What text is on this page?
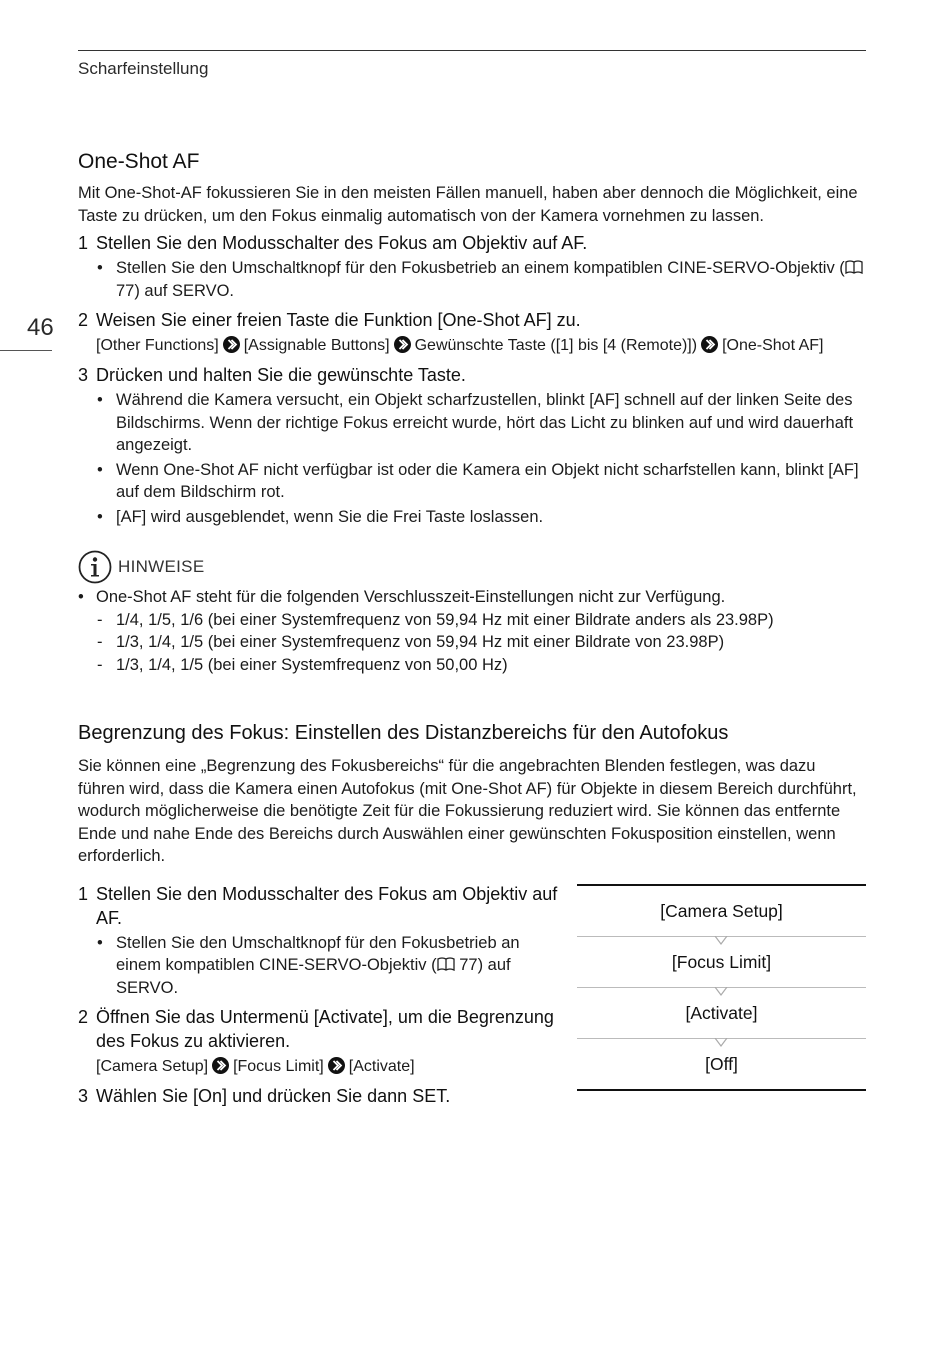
Scharfeinstellung
46
One-Shot AF

Mit One-Shot-AF fokussieren Sie in den meisten Fällen manuell, haben aber dennoch die Möglichkeit, eine Taste zu drücken, um den Fokus einmalig automatisch von der Kamera vornehmen zu lassen.

1 Stellen Sie den Modusschalter des Fokus am Objektiv auf AF.
• Stellen Sie den Umschaltknopf für den Fokusbetrieb an einem kompatiblen CINE-SERVO-Objektiv ( 77) auf SERVO.
2 Weisen Sie einer freien Taste die Funktion [One-Shot AF] zu.
[Other Functions] [Assignable Buttons] Gewünschte Taste ([1] bis [4 (Remote)]) [One-Shot AF]
3 Drücken und halten Sie die gewünschte Taste.
• Während die Kamera versucht, ein Objekt scharfzustellen, blinkt [AF] schnell auf der linken Seite des Bildschirms. Wenn der richtige Fokus erreicht wurde, hört das Licht zu blinken auf und wird dauerhaft angezeigt.
• Wenn One-Shot AF nicht verfügbar ist oder die Kamera ein Objekt nicht scharfstellen kann, blinkt [AF] auf dem Bildschirm rot.
• [AF] wird ausgeblendet, wenn Sie die Frei Taste loslassen.
HINWEISE
• One-Shot AF steht für die folgenden Verschlusszeit-Einstellungen nicht zur Verfügung.
- 1/4, 1/5, 1/6 (bei einer Systemfrequenz von 59,94 Hz mit einer Bildrate anders als 23.98P)
- 1/3, 1/4, 1/5 (bei einer Systemfrequenz von 59,94 Hz mit einer Bildrate von 23.98P)
- 1/3, 1/4, 1/5 (bei einer Systemfrequenz von 50,00 Hz)
Begrenzung des Fokus: Einstellen des Distanzbereichs für den Autofokus

Sie können eine „Begrenzung des Fokusbereichs“ für die angebrachten Blenden festlegen, was dazu führen wird, dass die Kamera einen Autofokus (mit One-Shot AF) für Objekte in diesem Bereich durchführt, wodurch möglicherweise die benötigte Zeit für die Fokussierung reduziert wird. Sie können das entfernte Ende und nahe Ende des Bereichs durch Auswählen einer gewünschten Fokusposition einstellen, wenn erforderlich.

1 Stellen Sie den Modusschalter des Fokus am Objektiv auf AF.
• Stellen Sie den Umschaltknopf für den Fokusbetrieb an einem kompatiblen CINE-SERVO-Objektiv ( 77) auf SERVO.
2 Öffnen Sie das Untermenü [Activate], um die Begrenzung des Fokus zu aktivieren.
[Camera Setup] [Focus Limit] [Activate]
3 Wählen Sie [On] und drücken Sie dann SET.
[Camera Setup]
[Focus Limit]
[Activate]
[Off]
